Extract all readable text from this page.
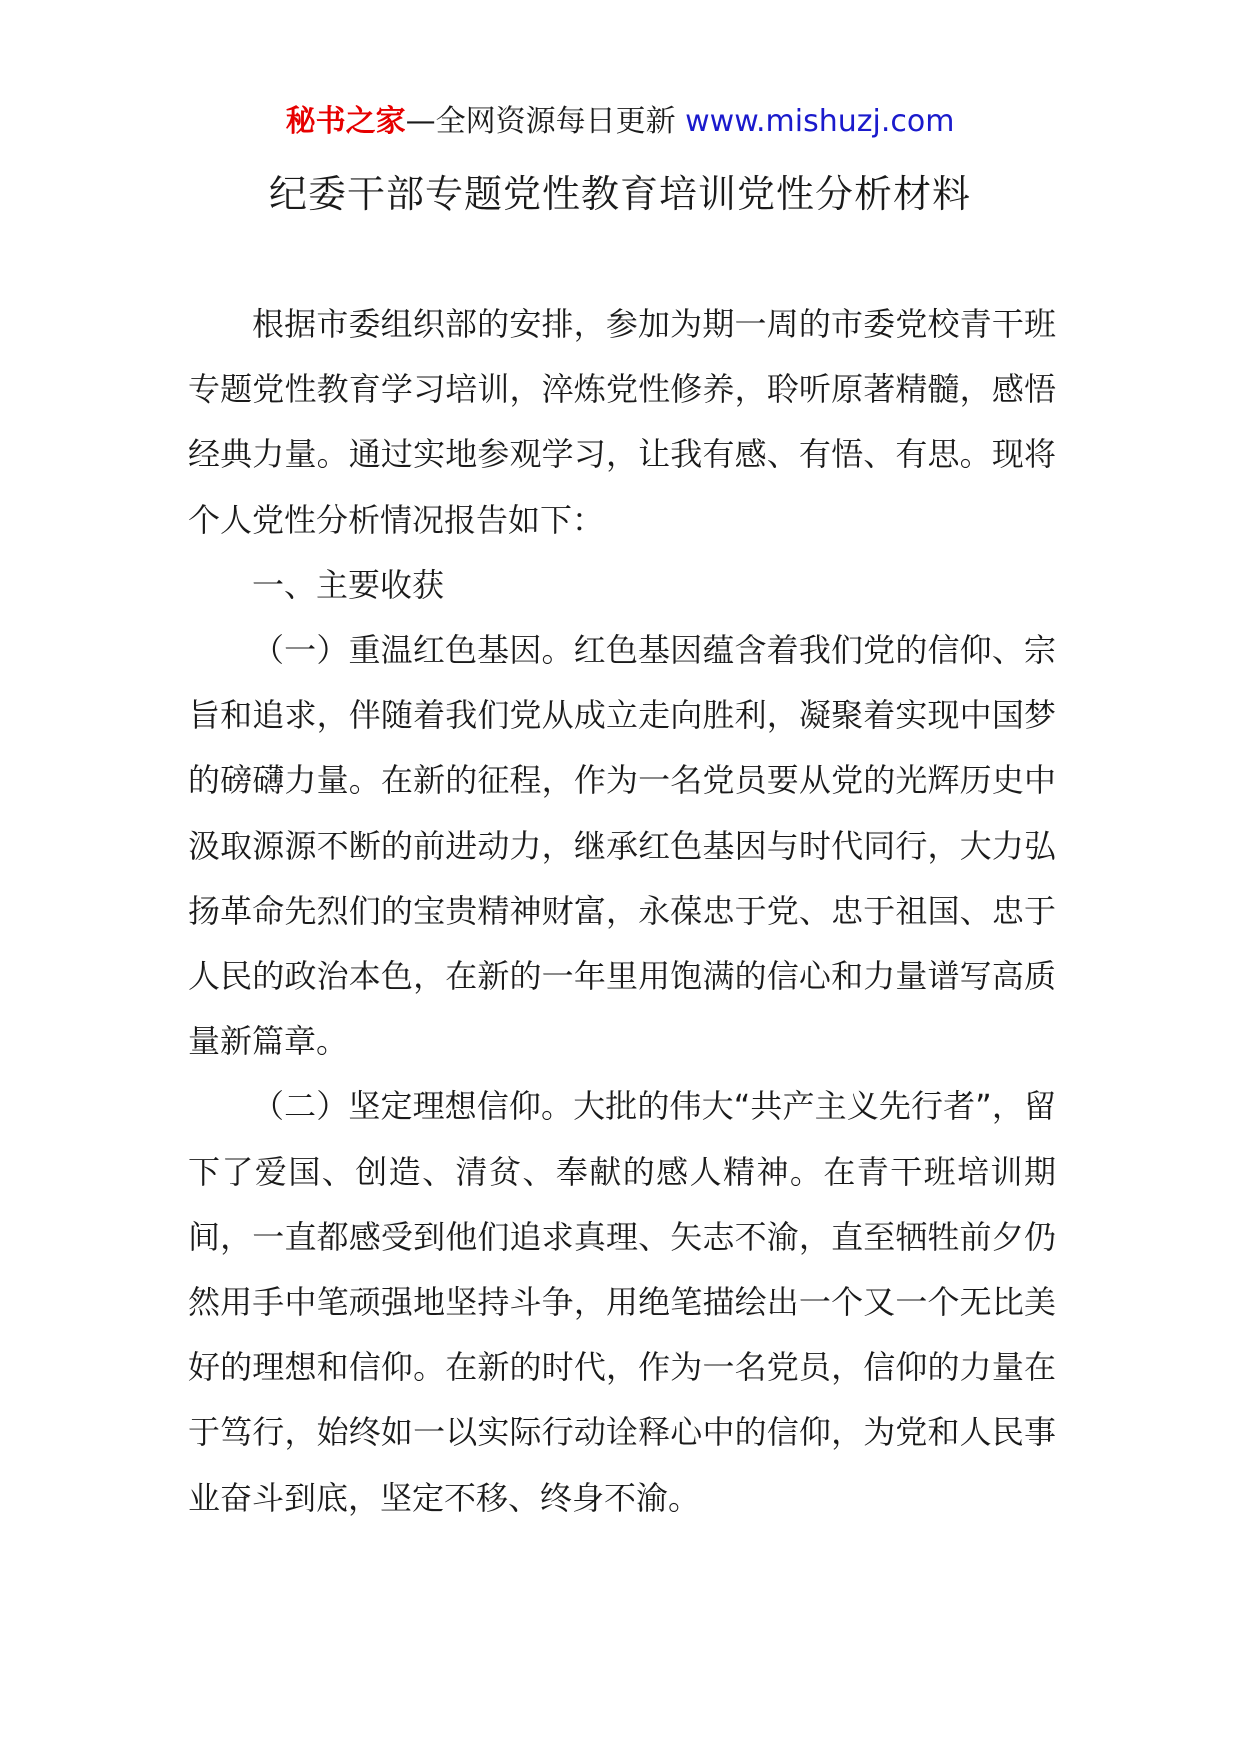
秘书之家—全网资源每日更新 www.mishuzj.com
纪委干部专题党性教育培训党性分析材料

根据市委组织部的安排，参加为期一周的市委党校青干班专题党性教育学习培训，淬炼党性修养，聆听原著精髓，感悟经典力量。通过实地参观学习，让我有感、有悟、有思。现将个人党性分析情况报告如下：

一、主要收获

（一）重温红色基因。红色基因蕴含着我们党的信仰、宗旨和追求，伴随着我们党从成立走向胜利，凝聚着实现中国梦的磅礴力量。在新的征程，作为一名党员要从党的光辉历史中汲取源源不断的前进动力，继承红色基因与时代同行，大力弘扬革命先烈们的宝贵精神财富，永葆忠于党、忠于祖国、忠于人民的政治本色，在新的一年里用饱满的信心和力量谱写高质量新篇章。

（二）坚定理想信仰。大批的伟大“共产主义先行者”，留下了爱国、创造、清贫、奉献的感人精神。在青干班培训期间，一直都感受到他们追求真理、矢志不渝，直至牺牲前夕仍然用手中笔顽强地坚持斗争，用绝笔描绘出一个又一个无比美好的理想和信仰。在新的时代，作为一名党员，信仰的力量在于笃行，始终如一以实际行动诠释心中的信仰，为党和人民事业奋斗到底，坚定不移、终身不渝。
